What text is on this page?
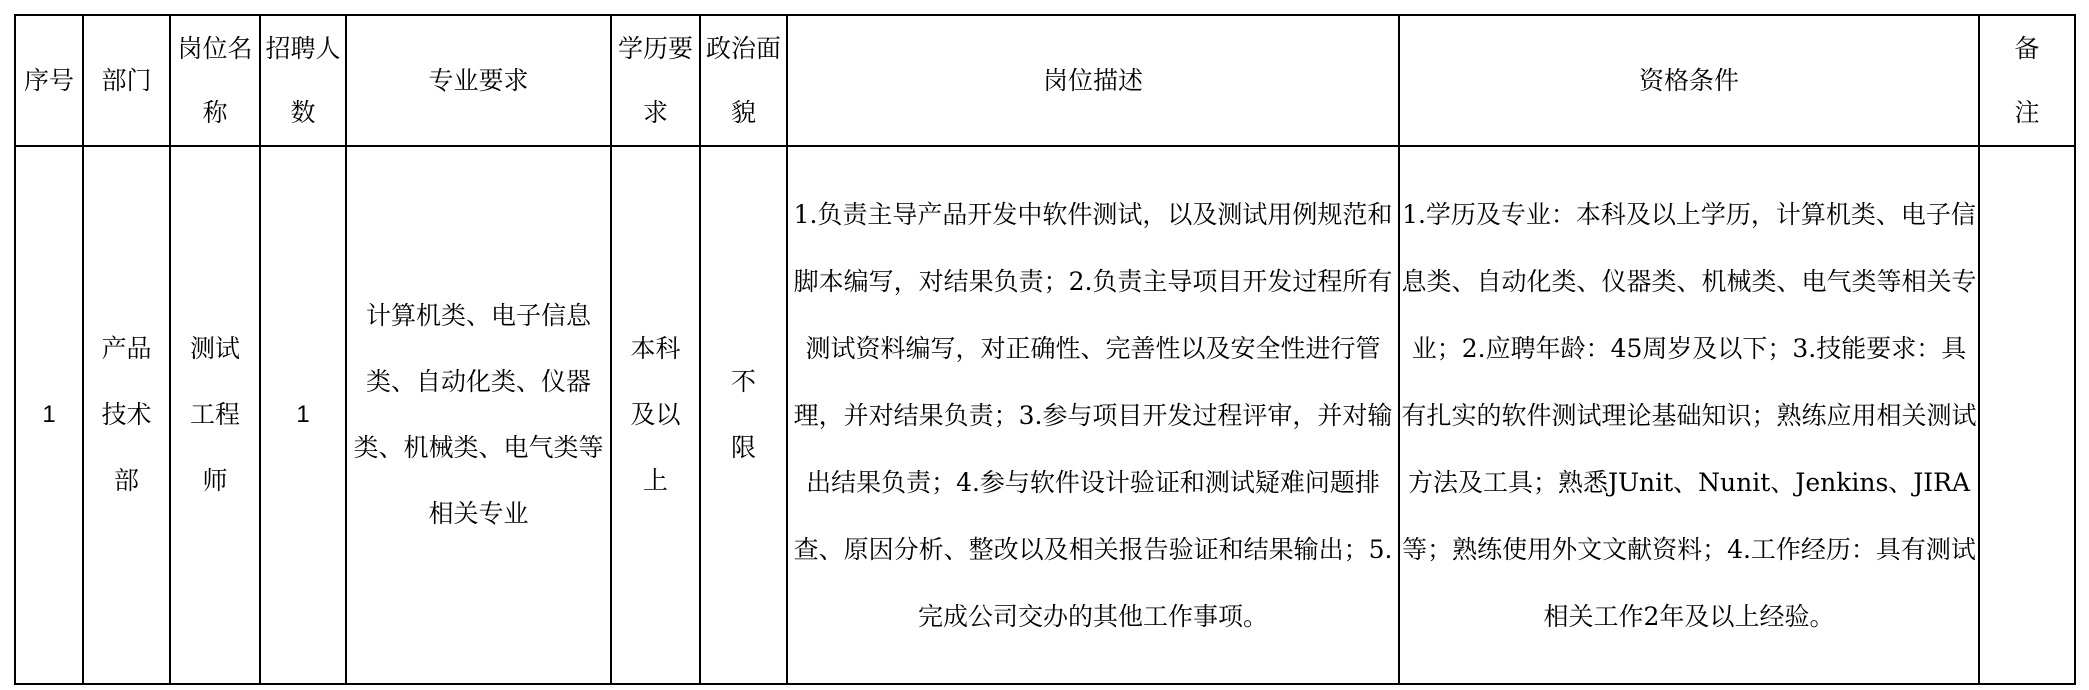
序号	部门	岗位名称	招聘人数	专业要求	学历要求	政治面貌	岗位描述	资格条件	备注
1	产品技术部	测试工程师	1	计算机类、电子信息类、自动化类、仪器类、机械类、电气类等相关专业	本科及以上	不限	1.负责主导产品开发中软件测试，以及测试用例规范和脚本编写，对结果负责；2.负责主导项目开发过程所有测试资料编写，对正确性、完善性以及安全性进行管理，并对结果负责；3.参与项目开发过程评审，并对输出结果负责；4.参与软件设计验证和测试疑难问题排查、原因分析、整改以及相关报告验证和结果输出；5.完成公司交办的其他工作事项。	1.学历及专业：本科及以上学历，计算机类、电子信息类、自动化类、仪器类、机械类、电气类等相关专业；2.应聘年龄：45周岁及以下；3.技能要求：具有扎实的软件测试理论基础知识；熟练应用相关测试方法及工具；熟悉JUnit、Nunit、Jenkins、JIRA等；熟练使用外文文献资料；4.工作经历：具有测试相关工作2年及以上经验。	
